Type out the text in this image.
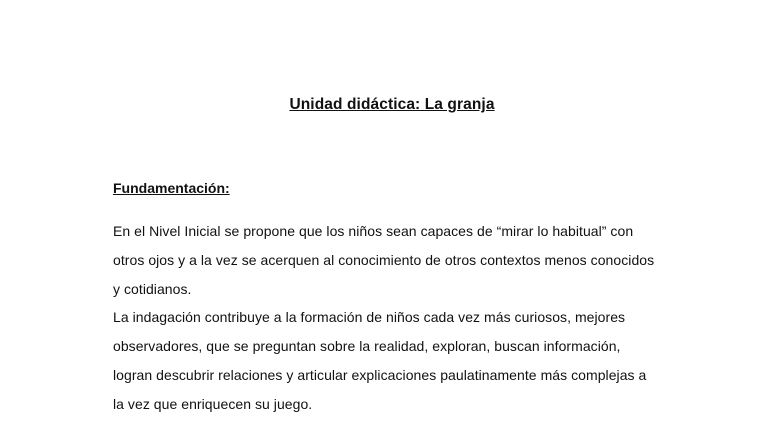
Unidad didáctica: La granja
Fundamentación:
En el Nivel Inicial se propone que los niños sean capaces de “mirar lo habitual” con
otros ojos y a la vez se acerquen al conocimiento de otros contextos menos conocidos
y cotidianos.
La indagación contribuye a la formación de niños cada vez más curiosos, mejores
observadores, que se preguntan sobre la realidad, exploran, buscan información,
logran descubrir relaciones y articular explicaciones paulatinamente más complejas a
la vez que enriquecen su juego.
